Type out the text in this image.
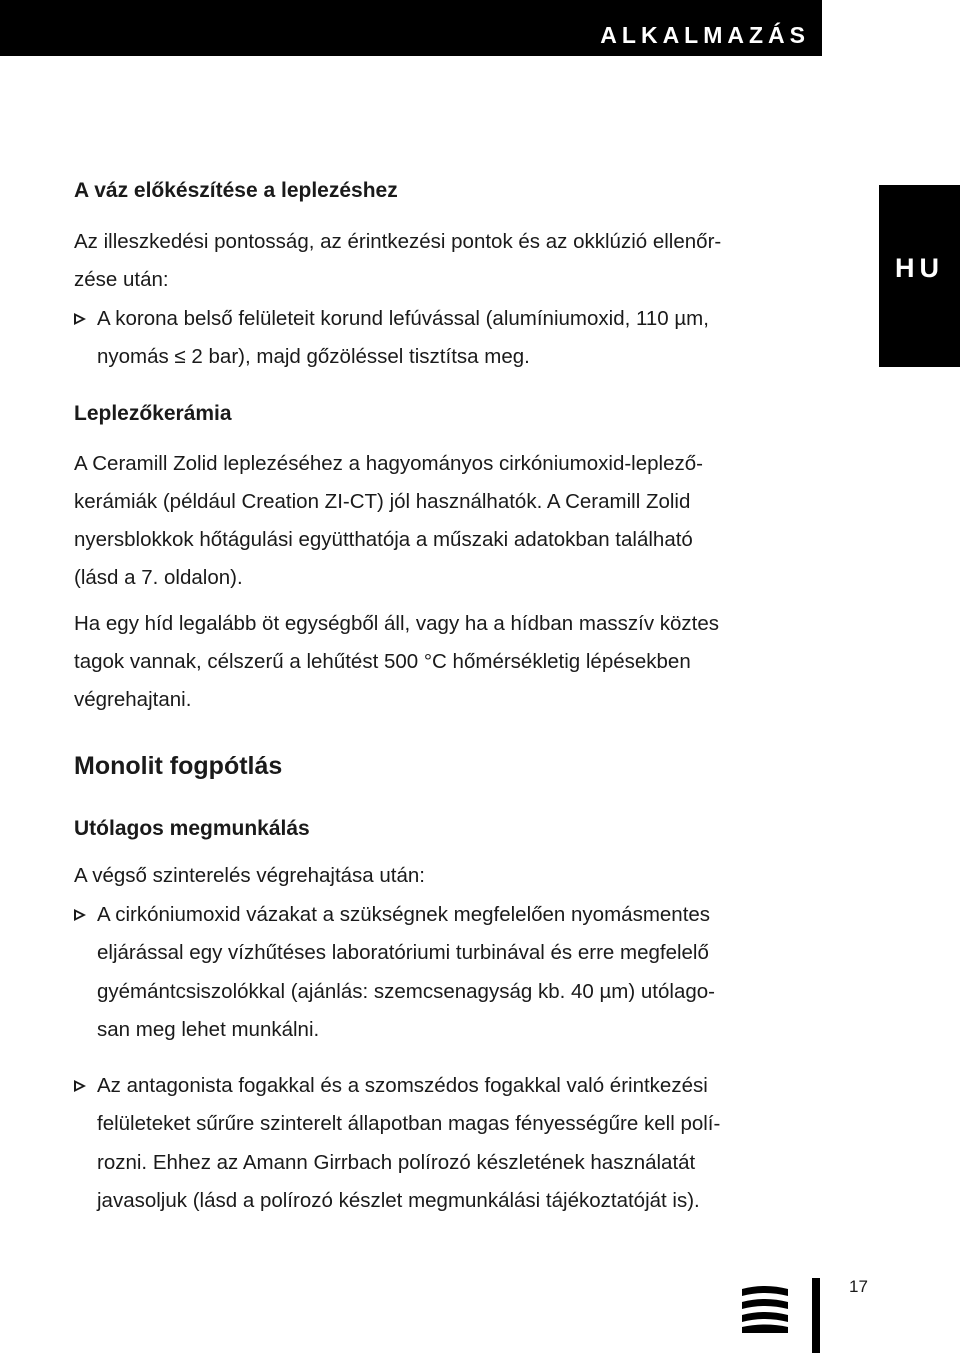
ALKALMAZÁS
HU
A váz előkészítése a leplezéshez
Az illeszkedési pontosság, az érintkezési pontok és az okklúzió ellenőr-
zése után:
A korona belső felületeit korund lefúvással (alumíniumoxid, 110 µm,
nyomás ≤ 2 bar), majd gőzöléssel tisztítsa meg.
Leplezőkerámia
A Ceramill Zolid leplezéséhez a hagyományos cirkóniumoxid-leplező-
kerámiák (például Creation ZI-CT) jól használhatók. A Ceramill Zolid
nyersblokkok hőtágulási együtthatója a műszaki adatokban található
(lásd a 7. oldalon).
Ha egy híd legalább öt egységből áll, vagy ha a hídban masszív köztes
tagok vannak, célszerű a lehűtést 500 °C hőmérsékletig lépésekben
végrehajtani.
Monolit fogpótlás
Utólagos megmunkálás
A végső szinterelés végrehajtása után:
A cirkóniumoxid vázakat a szükségnek megfelelően nyomásmentes
eljárással egy vízhűtéses laboratóriumi turbinával és erre megfelelő
gyémántcsiszolókkal (ajánlás: szemcsenagyság kb. 40 µm) utólago-
san meg lehet munkálni.
Az antagonista fogakkal és a szomszédos fogakkal való érintkezési
felületeket sűrűre szinterelt állapotban magas fényességűre kell polí-
rozni. Ehhez az Amann Girrbach polírozó készletének használatát
javasoljuk (lásd a polírozó készlet megmunkálási tájékoztatóját is).
17
